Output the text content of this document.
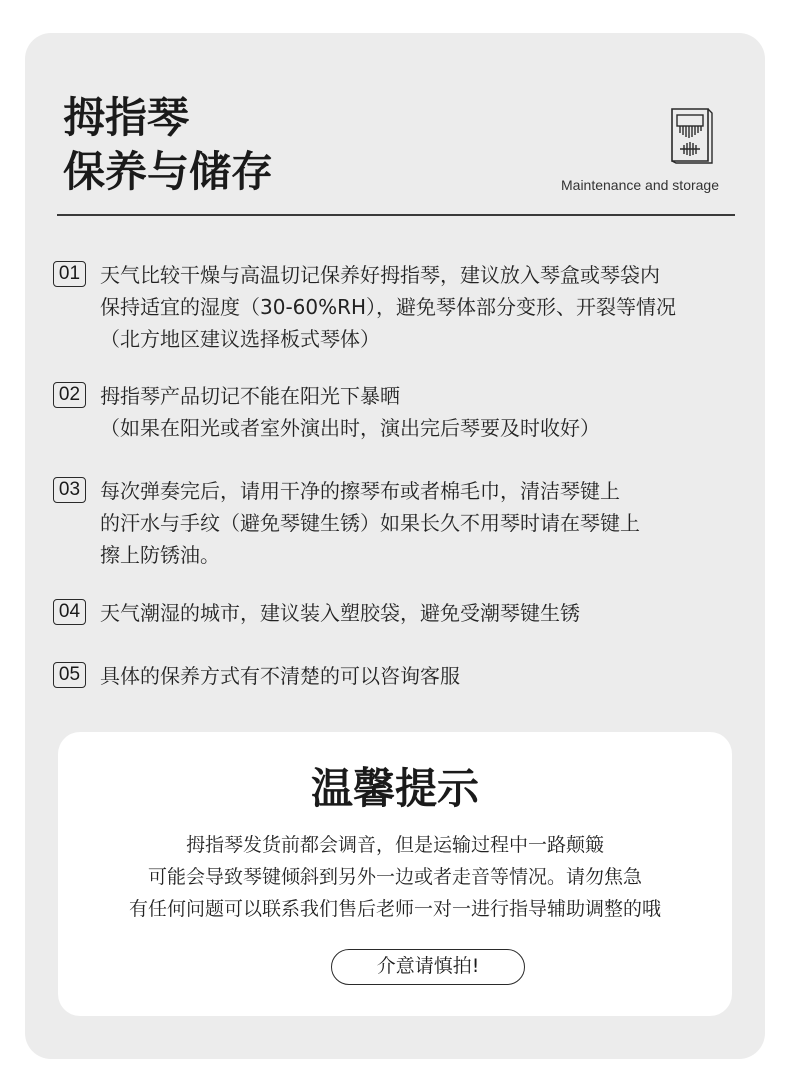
拇指琴
保养与储存	Maintenance and storage
01 天气比较干燥与高温切记保养好拇指琴，建议放入琴盒或琴袋内
保持适宜的湿度（30-60%RH），避免琴体部分变形、开裂等情况
（北方地区建议选择板式琴体）
02 拇指琴产品切记不能在阳光下暴晒
（如果在阳光或者室外演出时，演出完后琴要及时收好）
03 每次弹奏完后，请用干净的擦琴布或者棉毛巾，清洁琴键上
的汗水与手纹（避免琴键生锈）如果长久不用琴时请在琴键上
擦上防锈油。
04 天气潮湿的城市，建议装入塑胶袋，避免受潮琴键生锈
05 具体的保养方式有不清楚的可以咨询客服
温馨提示
拇指琴发货前都会调音，但是运输过程中一路颠簸
可能会导致琴键倾斜到另外一边或者走音等情况。请勿焦急
有任何问题可以联系我们售后老师一对一进行指导辅助调整的哦
介意请慎拍!
